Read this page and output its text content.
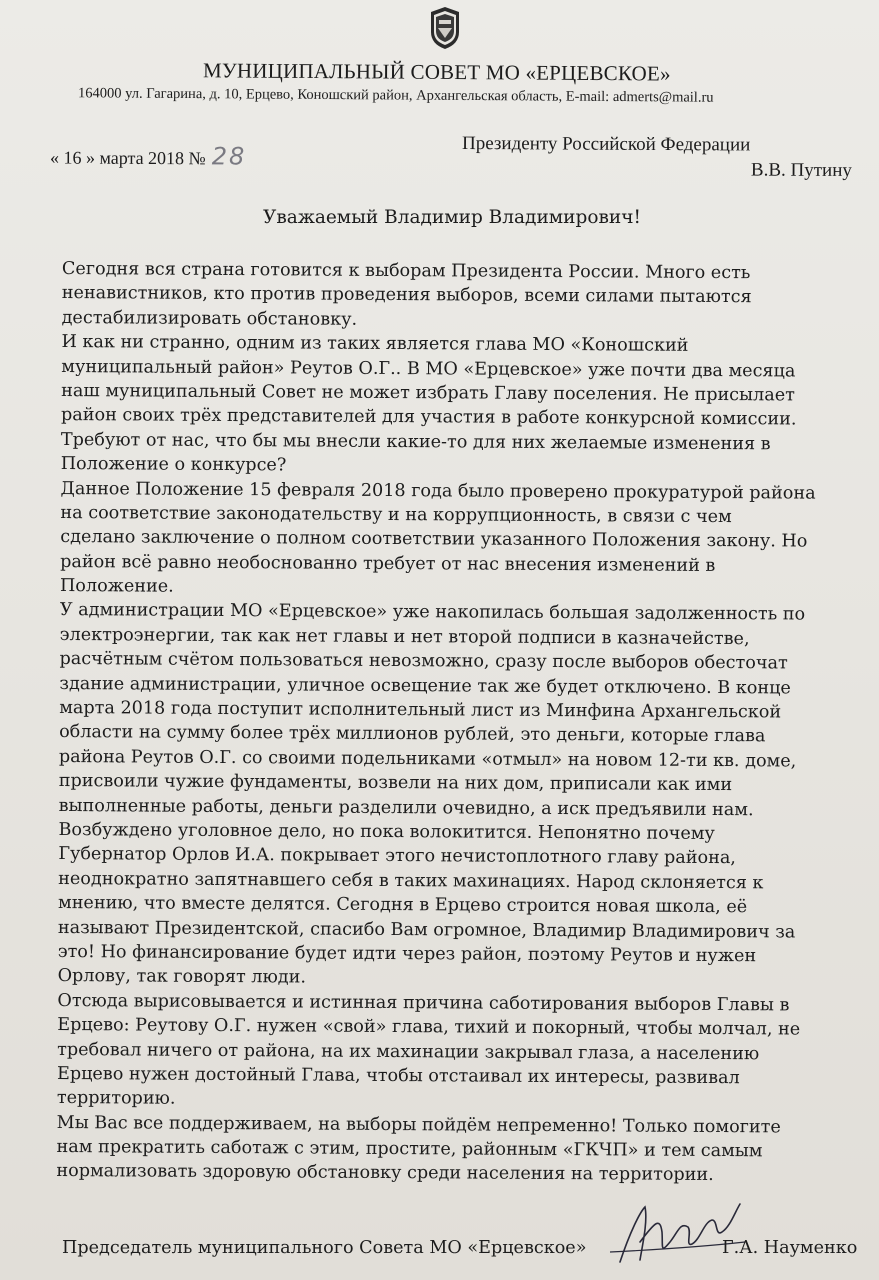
МУНИЦИПАЛЬНЫЙ СОВЕТ МО «ЕРЦЕВСКОЕ»
164000 ул. Гагарина, д. 10, Ерцево, Коношский район, Архангельская область, E-mail: admerts@mail.ru
« 16 » марта 2018 № 28	Президенту Российской Федерации
В.В. Путину
Уважаемый Владимир Владимирович!
Сегодня вся страна готовится к выборам Президента России. Много есть
ненавистников, кто против проведения выборов, всеми силами пытаются
дестабилизировать обстановку.
И как ни странно, одним из таких является глава МО «Коношский
муниципальный район» Реутов О.Г.. В МО «Ерцевское» уже почти два месяца
наш муниципальный Совет не может избрать Главу поселения. Не присылает
район своих трёх представителей для участия в работе конкурсной комиссии.
Требуют от нас, что бы мы внесли какие-то для них желаемые изменения в
Положение о конкурсе?
Данное Положение 15 февраля 2018 года было проверено прокуратурой района
на соответствие законодательству и на коррупционность, в связи с чем
сделано заключение о полном соответствии указанного Положения закону. Но
район всё равно необоснованно требует от нас внесения изменений в
Положение.
У администрации МО «Ерцевское» уже накопилась большая задолженность по
электроэнергии, так как нет главы и нет второй подписи в казначействе,
расчётным счётом пользоваться невозможно, сразу после выборов обесточат
здание администрации, уличное освещение так же будет отключено. В конце
марта 2018 года поступит исполнительный лист из Минфина Архангельской
области на сумму более трёх миллионов рублей, это деньги, которые глава
района Реутов О.Г. со своими подельниками «отмыл» на новом 12-ти кв. доме,
присвоили чужие фундаменты, возвели на них дом, приписали как ими
выполненные работы, деньги разделили очевидно, а иск предъявили нам.
Возбуждено уголовное дело, но пока волокитится. Непонятно почему
Губернатор Орлов И.А. покрывает этого нечистоплотного главу района,
неоднократно запятнавшего себя в таких махинациях. Народ склоняется к
мнению, что вместе делятся. Сегодня в Ерцево строится новая школа, её
называют Президентской, спасибо Вам огромное, Владимир Владимирович за
это! Но финансирование будет идти через район, поэтому Реутов и нужен
Орлову, так говорят люди.
Отсюда вырисовывается и истинная причина саботирования выборов Главы в
Ерцево: Реутову О.Г. нужен «свой» глава, тихий и покорный, чтобы молчал, не
требовал ничего от района, на их махинации закрывал глаза, а населению
Ерцево нужен достойный Глава, чтобы отстаивал их интересы, развивал
территорию.
Мы Вас все поддерживаем, на выборы пойдём непременно! Только помогите
нам прекратить саботаж с этим, простите, районным «ГКЧП» и тем самым
нормализовать здоровую обстановку среди населения на территории.
Председатель муниципального Совета МО «Ерцевское»	Г.А. Науменко
